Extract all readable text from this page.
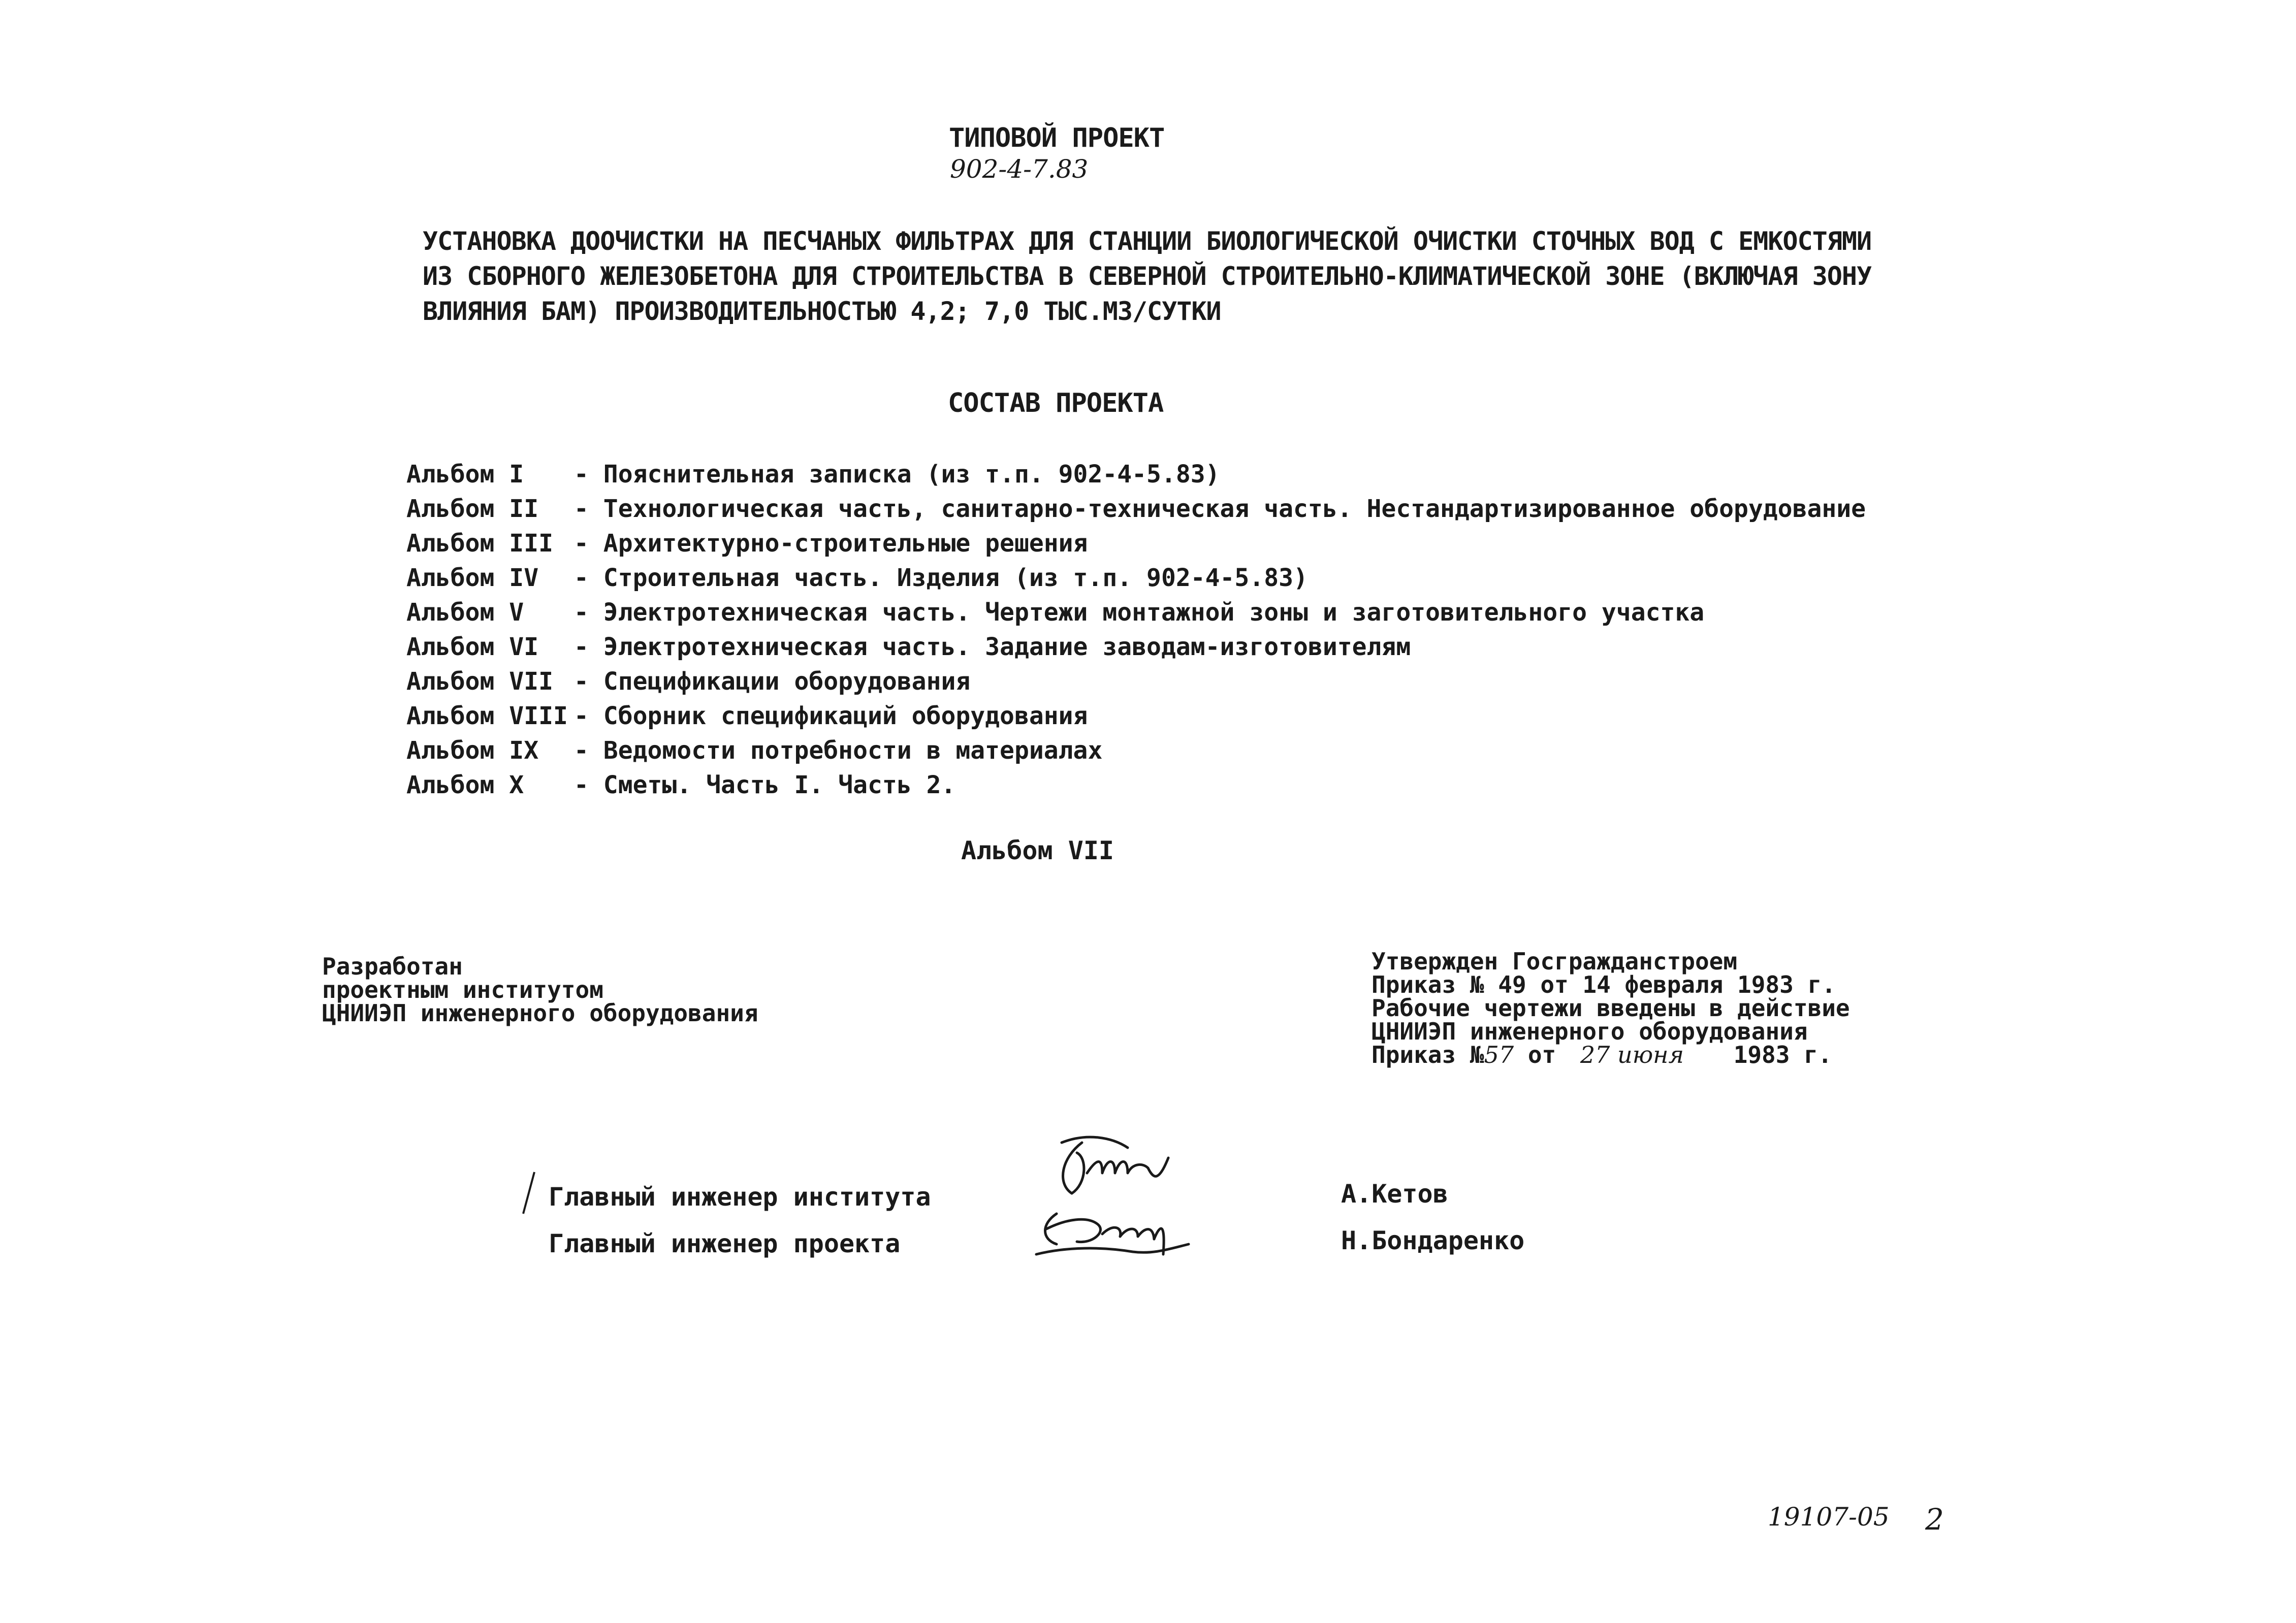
ТИПОВОЙ ПРОЕКТ
902-4-7.83
УСТАНОВКА ДООЧИСТКИ НА ПЕСЧАНЫХ ФИЛЬТРАХ ДЛЯ СТАНЦИИ БИОЛОГИЧЕСКОЙ ОЧИСТКИ СТОЧНЫХ ВОД С ЕМКОСТЯМИ
ИЗ СБОРНОГО ЖЕЛЕЗОБЕТОНА ДЛЯ СТРОИТЕЛЬСТВА В СЕВЕРНОЙ СТРОИТЕЛЬНО-КЛИМАТИЧЕСКОЙ ЗОНЕ (ВКЛЮЧАЯ ЗОНУ
ВЛИЯНИЯ БАМ) ПРОИЗВОДИТЕЛЬНОСТЬЮ 4,2; 7,0 ТЫС.М3/СУТКИ
СОСТАВ ПРОЕКТА
Альбом I - Пояснительная записка (из т.п. 902-4-5.83)
Альбом II - Технологическая часть, санитарно-техническая часть. Нестандартизированное оборудование
Альбом III - Архитектурно-строительные решения
Альбом IV - Строительная часть. Изделия (из т.п. 902-4-5.83)
Альбом V - Электротехническая часть. Чертежи монтажной зоны и заготовительного участка
Альбом VI - Электротехническая часть. Задание заводам-изготовителям
Альбом VII - Спецификации оборудования
Альбом VIII - Сборник спецификаций оборудования
Альбом IX - Ведомости потребности в материалах
Альбом X - Сметы. Часть I. Часть 2.
Альбом VII
Разработан
проектным институтом
ЦНИИЭП инженерного оборудования
Утвержден Госгражданстроем
Приказ № 49 от 14 февраля 1983 г.
Рабочие чертежи введены в действие
ЦНИИЭП инженерного оборудования
Приказ №57 от 27 июня 1983 г.
Главный инженер института
Главный инженер проекта
А.Кетов
Н.Бондаренко
19107-05 2
